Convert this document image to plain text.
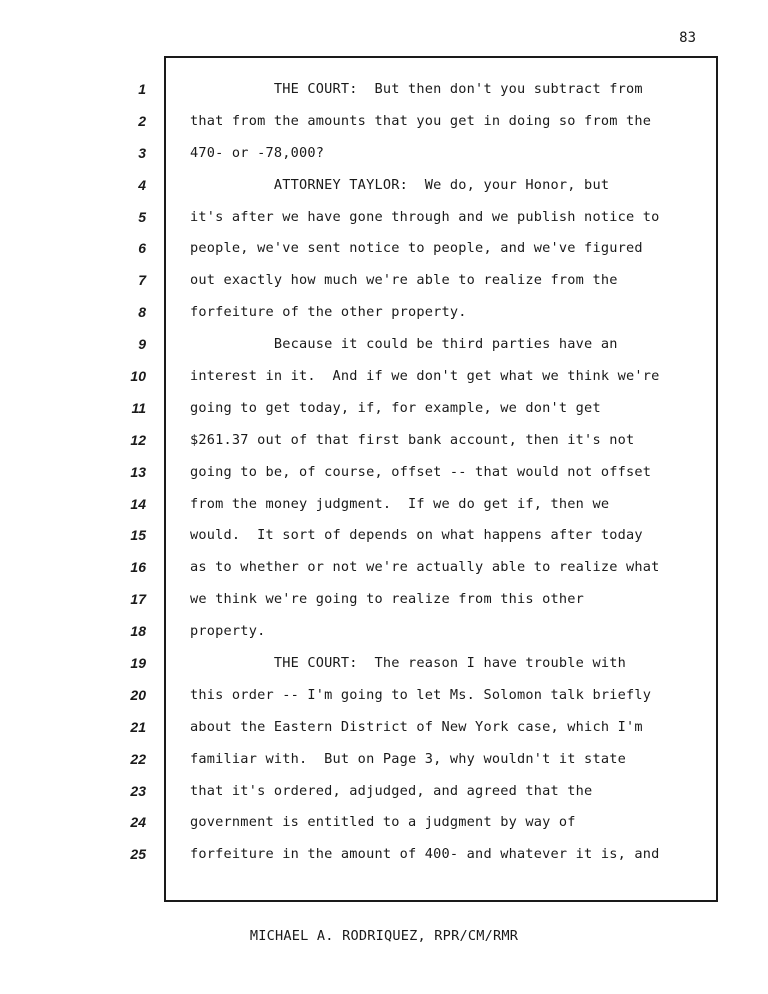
83
1
2
3
4
5
6
7
8
9
10
11
12
13
14
15
16
17
18
19
20
21
22
23
24
25
THE COURT:  But then don't you subtract from
that from the amounts that you get in doing so from the
470- or -78,000?
ATTORNEY TAYLOR:  We do, your Honor, but
it's after we have gone through and we publish notice to
people, we've sent notice to people, and we've figured
out exactly how much we're able to realize from the
forfeiture of the other property.
Because it could be third parties have an
interest in it.  And if we don't get what we think we're
going to get today, if, for example, we don't get
$261.37 out of that first bank account, then it's not
going to be, of course, offset -- that would not offset
from the money judgment.  If we do get if, then we
would.  It sort of depends on what happens after today
as to whether or not we're actually able to realize what
we think we're going to realize from this other
property.
THE COURT:  The reason I have trouble with
this order -- I'm going to let Ms. Solomon talk briefly
about the Eastern District of New York case, which I'm
familiar with.  But on Page 3, why wouldn't it state
that it's ordered, adjudged, and agreed that the
government is entitled to a judgment by way of
forfeiture in the amount of 400- and whatever it is, and
MICHAEL A. RODRIQUEZ, RPR/CM/RMR
